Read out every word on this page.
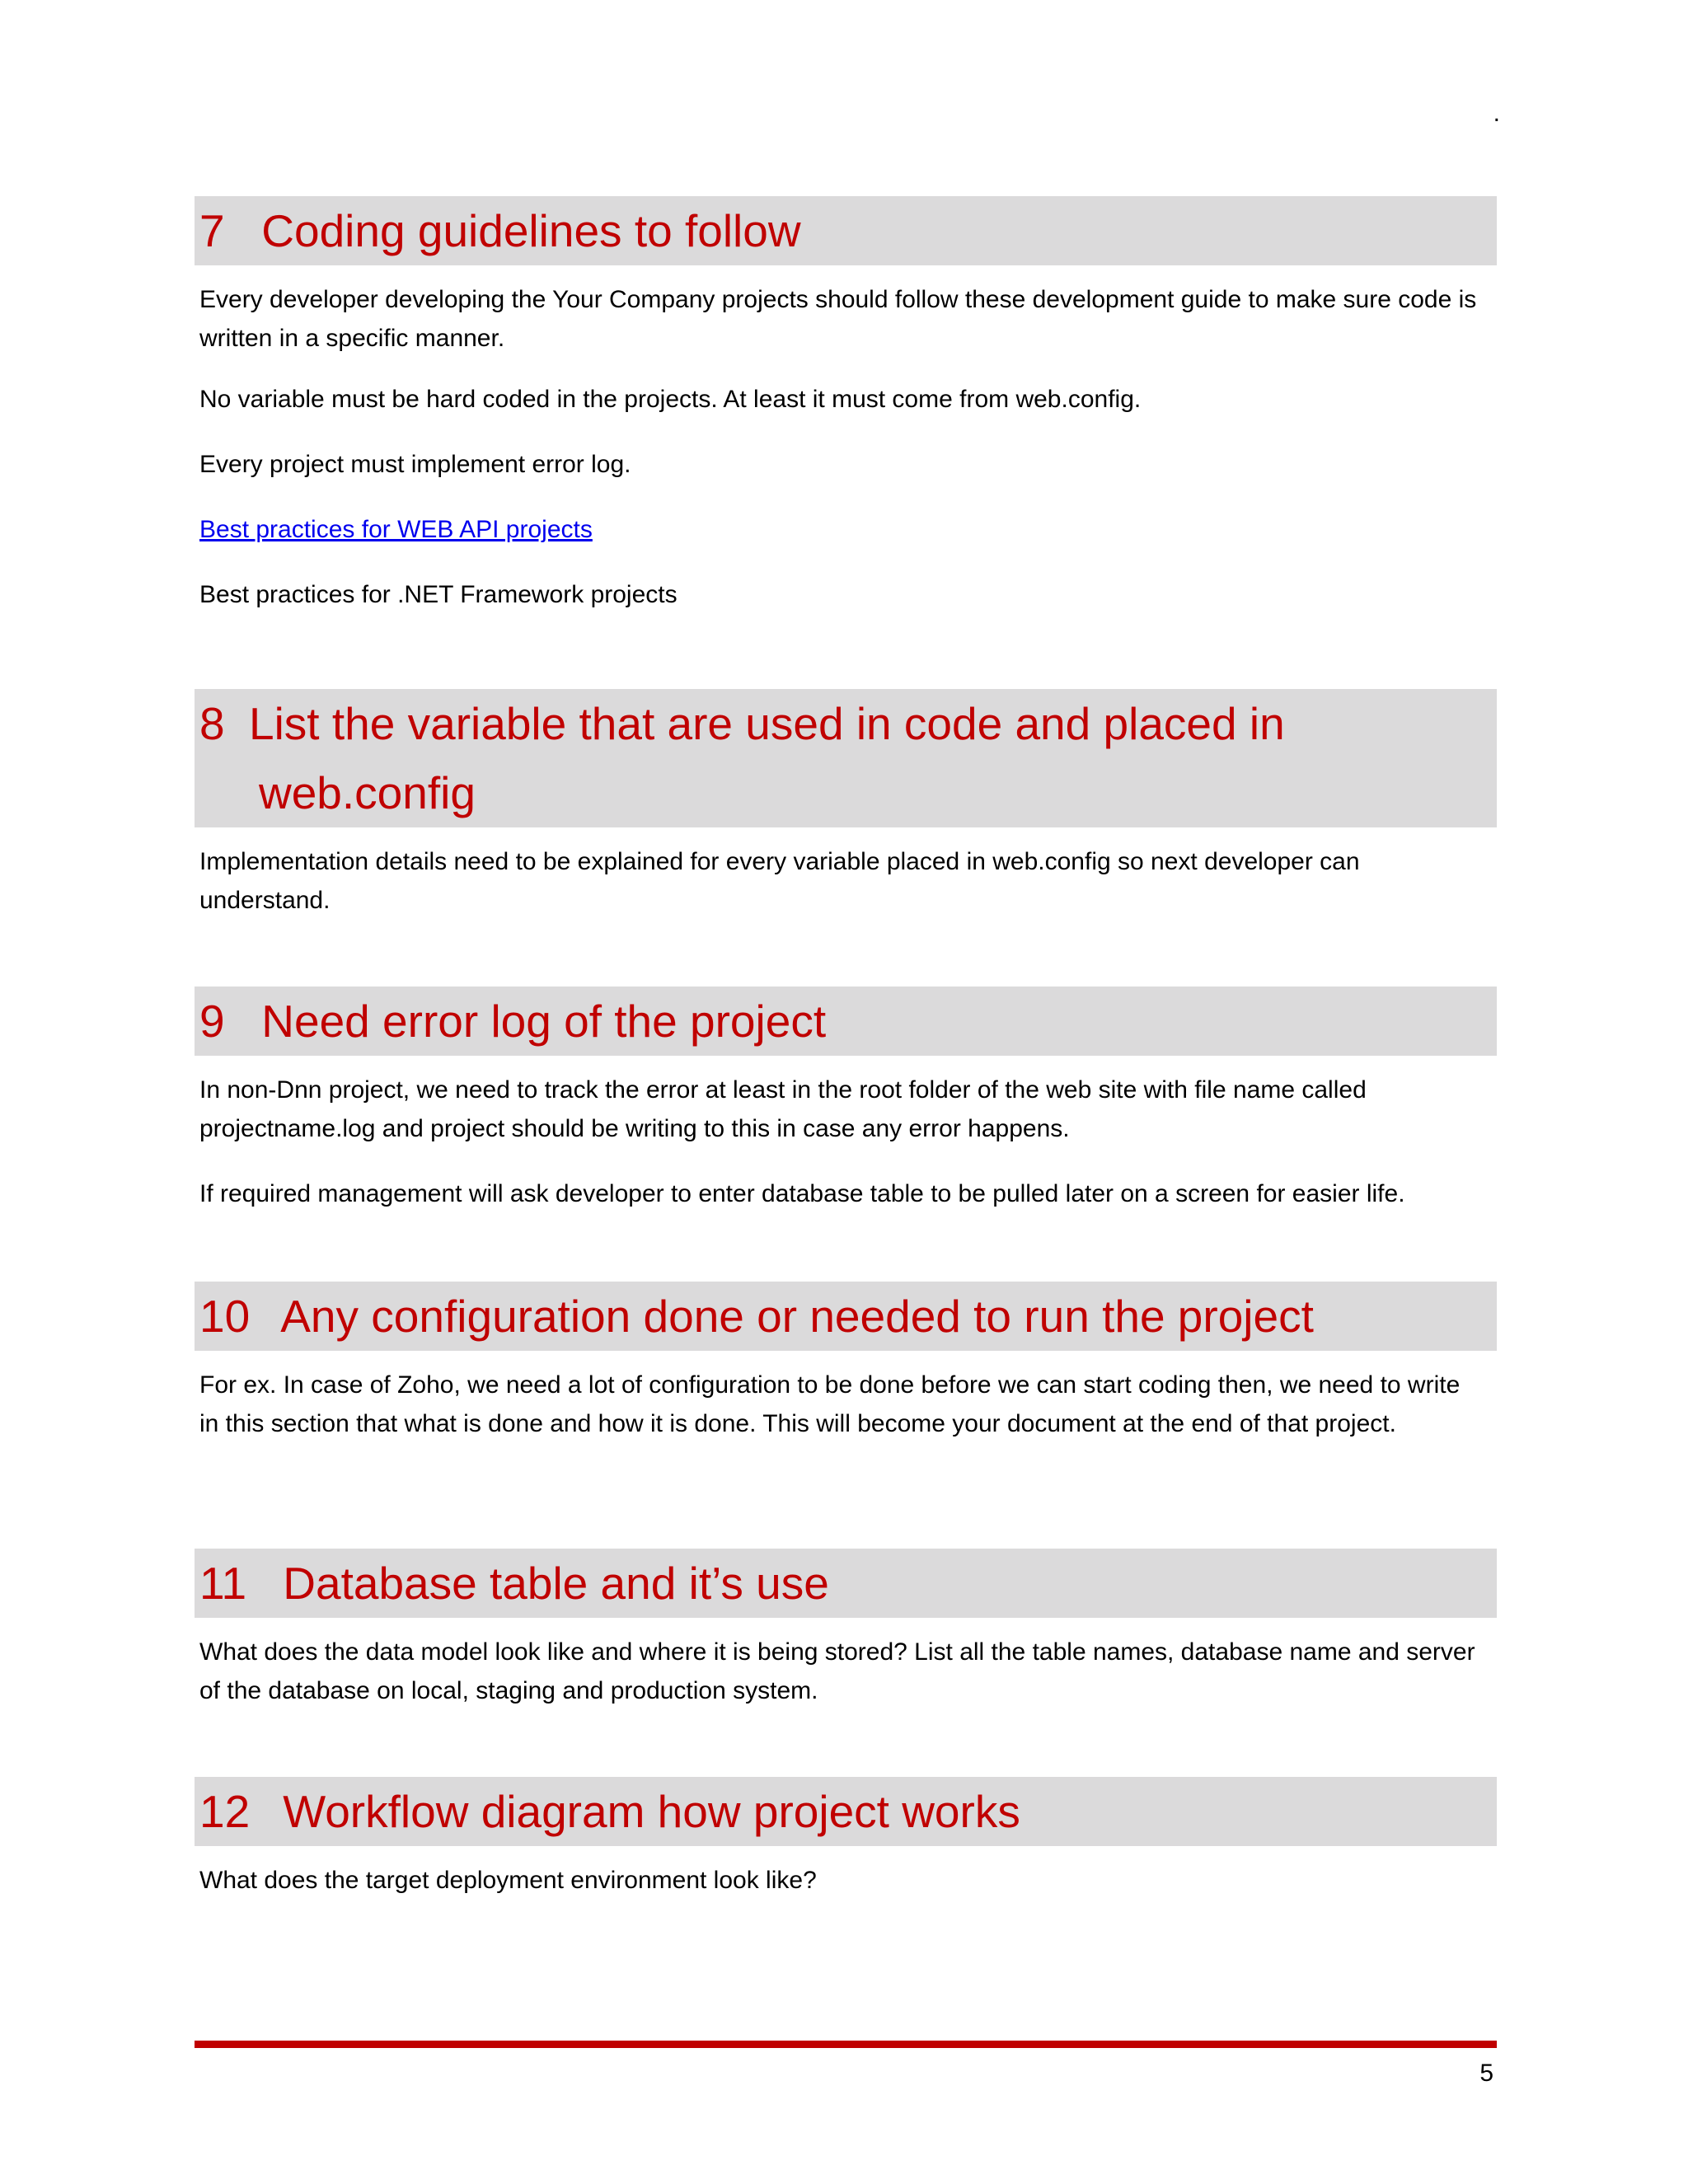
.
7 Coding guidelines to follow

Every developer developing the Your Company projects should follow these development guide to make sure code is written in a specific manner.

No variable must be hard coded in the projects. At least it must come from web.config.

Every project must implement error log.

Best practices for WEB API projects

Best practices for .NET Framework projects

8 List the variable that are used in code and placed in
web.config

Implementation details need to be explained for every variable placed in web.config so next developer can understand.

9 Need error log of the project

In non-Dnn project, we need to track the error at least in the root folder of the web site with file name called projectname.log and project should be writing to this in case any error happens.

If required management will ask developer to enter database table to be pulled later on a screen for easier life.

10 Any configuration done or needed to run the project

For ex. In case of Zoho, we need a lot of configuration to be done before we can start coding then, we need to write in this section that what is done and how it is done. This will become your document at the end of that project.

11 Database table and it’s use

What does the data model look like and where it is being stored? List all the table names, database name and server of the database on local, staging and production system.

12 Workflow diagram how project works

What does the target deployment environment look like?

5
